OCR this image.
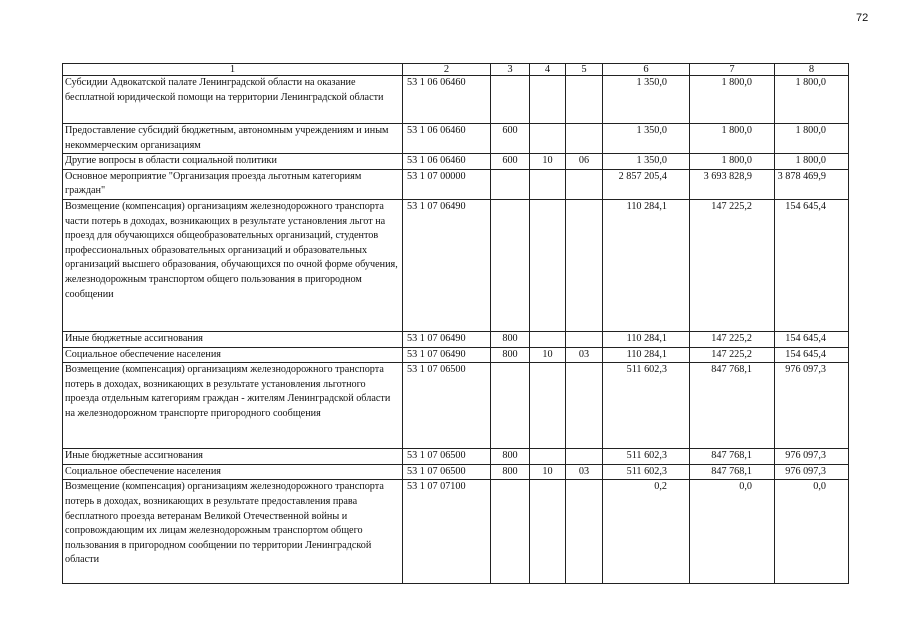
72
1	2	3	4	5	6	7	8
Субсидии Адвокатской палате Ленинградской области на оказание бесплатной юридической помощи на территории Ленинградской области	53 1 06 06460				1 350,0	1 800,0	1 800,0
Предоставление субсидий бюджетным, автономным учреждениям и иным некоммерческим организациям	53 1 06 06460	600			1 350,0	1 800,0	1 800,0
Другие вопросы в области социальной политики	53 1 06 06460	600	10	06	1 350,0	1 800,0	1 800,0
Основное мероприятие "Организация проезда льготным категориям граждан"	53 1 07 00000				2 857 205,4	3 693 828,9	3 878 469,9
Возмещение (компенсация) организациям железнодорожного транспорта части потерь в доходах, возникающих в результате установления льгот на проезд для обучающихся общеобразовательных организаций, студентов профессиональных образовательных организаций и образовательных организаций высшего образования, обучающихся по очной форме обучения, железнодорожным транспортом общего пользования в пригородном сообщении	53 1 07 06490				110 284,1	147 225,2	154 645,4
Иные бюджетные ассигнования	53 1 07 06490	800			110 284,1	147 225,2	154 645,4
Социальное обеспечение населения	53 1 07 06490	800	10	03	110 284,1	147 225,2	154 645,4
Возмещение (компенсация) организациям железнодорожного транспорта потерь в доходах, возникающих в результате установления льготного проезда отдельным категориям граждан - жителям Ленинградской области на железнодорожном транспорте пригородного сообщения	53 1 07 06500				511 602,3	847 768,1	976 097,3
Иные бюджетные ассигнования	53 1 07 06500	800			511 602,3	847 768,1	976 097,3
Социальное обеспечение населения	53 1 07 06500	800	10	03	511 602,3	847 768,1	976 097,3
Возмещение (компенсация) организациям железнодорожного транспорта потерь в доходах, возникающих в результате предоставления права бесплатного проезда ветеранам Великой Отечественной войны и сопровождающим их лицам железнодорожным транспортом общего пользования в пригородном сообщении по территории Ленинградской области	53 1 07 07100				0,2	0,0	0,0
